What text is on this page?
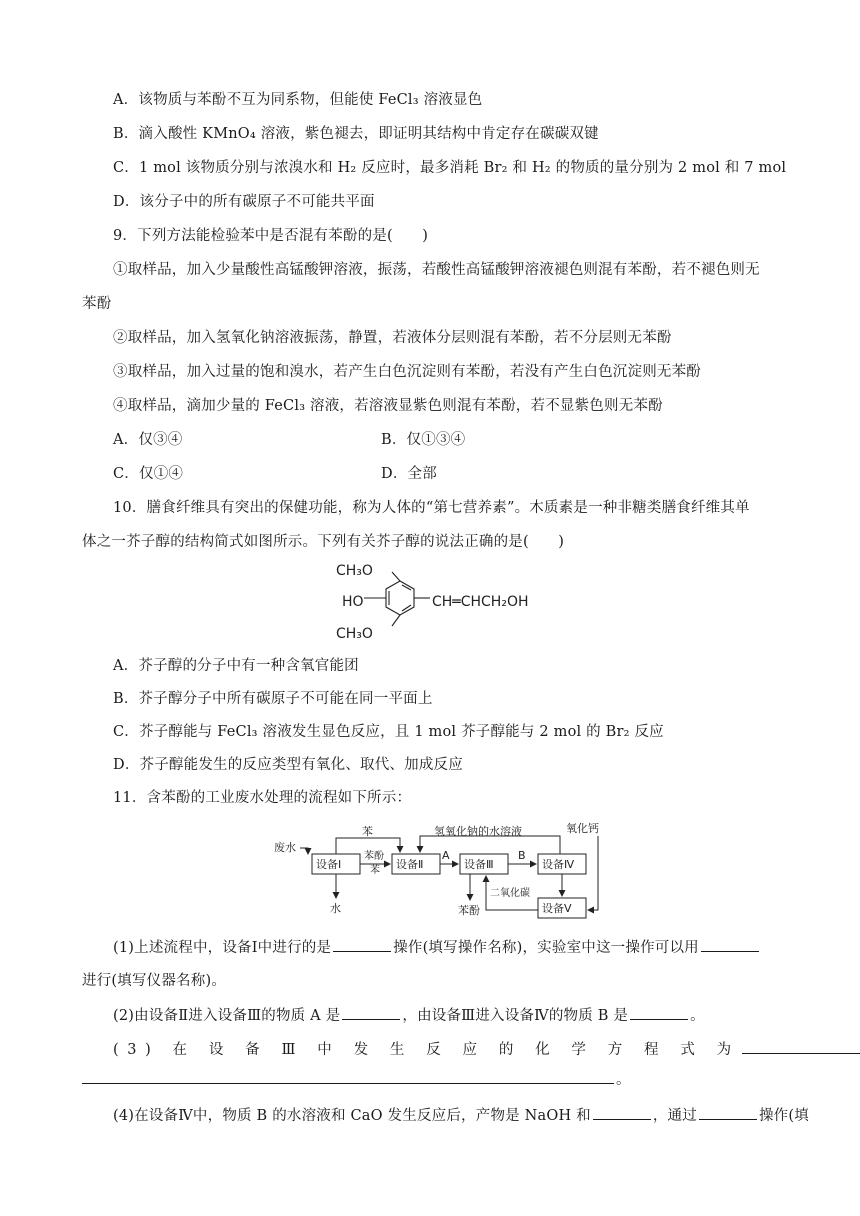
A．该物质与苯酚不互为同系物，但能使 FeCl₃ 溶液显色
B．滴入酸性 KMnO₄ 溶液，紫色褪去，即证明其结构中肯定存在碳碳双键
C．1 mol 该物质分别与浓溴水和 H₂ 反应时，最多消耗 Br₂ 和 H₂ 的物质的量分别为 2 mol 和 7 mol
D．该分子中的所有碳原子不可能共平面
9．下列方法能检验苯中是否混有苯酚的是(　　)
①取样品，加入少量酸性高锰酸钾溶液，振荡，若酸性高锰酸钾溶液褪色则混有苯酚，若不褪色则无
苯酚
②取样品，加入氢氧化钠溶液振荡，静置，若液体分层则混有苯酚，若不分层则无苯酚
③取样品，加入过量的饱和溴水，若产生白色沉淀则有苯酚，若没有产生白色沉淀则无苯酚
④取样品，滴加少量的 FeCl₃ 溶液，若溶液显紫色则混有苯酚，若不显紫色则无苯酚
A．仅③④	B．仅①③④
C．仅①④	D．全部
10．膳食纤维具有突出的保健功能，称为人体的“第七营养素”。木质素是一种非糖类膳食纤维其单
体之一芥子醇的结构简式如图所示。下列有关芥子醇的说法正确的是(　　)
CH₃O
HO
CH₃O
CH═CHCH₂OH
A．芥子醇的分子中有一种含氧官能团
B．芥子醇分子中所有碳原子不可能在同一平面上
C．芥子醇能与 FeCl₃ 溶液发生显色反应，且 1 mol 芥子醇能与 2 mol 的 Br₂ 反应
D．芥子醇能发生的反应类型有氧化、取代、加成反应
11．含苯酚的工业废水处理的流程如下所示：
废水
苯
苯酚
苯
氢氧化钠的水溶液	氧化钙
A	B
二氧化碳
水	苯酚
设备Ⅰ	设备Ⅱ	设备Ⅲ	设备Ⅳ
设备Ⅴ
(1)上述流程中，设备Ⅰ中进行的是	操作(填写操作名称)，实验室中这一操作可以用
进行(填写仪器名称)。
(2)由设备Ⅱ进入设备Ⅲ的物质 A 是	，由设备Ⅲ进入设备Ⅳ的物质 B 是	。
(3) 在 设 备 Ⅲ 中 发 生 反 应 的 化 学 方 程 式 为
。
(4)在设备Ⅳ中，物质 B 的水溶液和 CaO 发生反应后，产物是 NaOH 和	，通过	操作(填
